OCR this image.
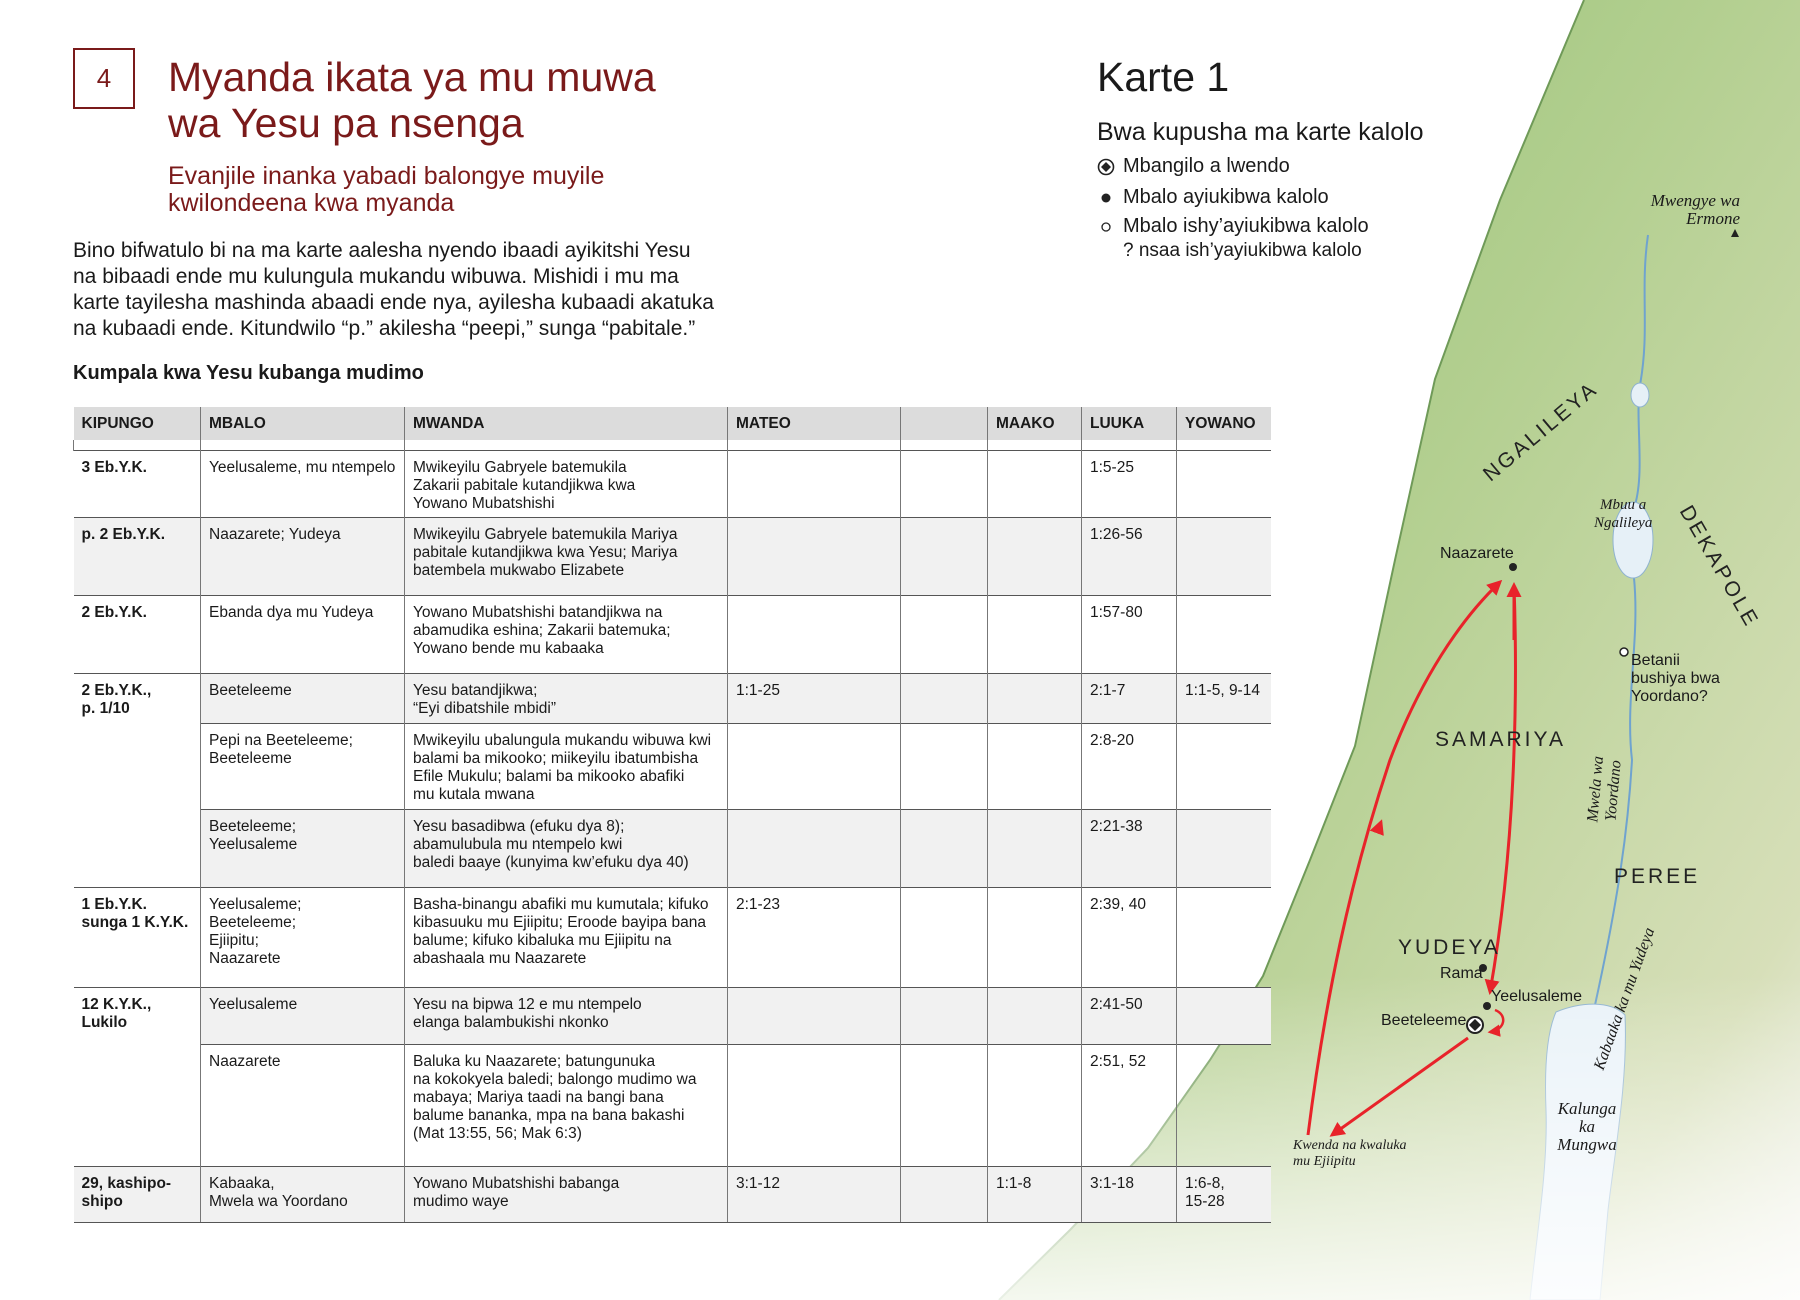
Mwengye wa
Ermone
NGALILEYA
Mbuu a
Ngalileya DEKAPOLE
Naazarete
Betanii
bushiya bwa
Yoordano?
SAMARIYA
Mwela wa
Yoordano
PEREE
YUDEYA
Rama
Yeelusaleme
Beeteleeme	Kabaaka ka mu Yudeya
Kalunga
ka
Mungwa
Kwenda na kwaluka
mu Ejiipitu
4	Myanda ikata ya mu muwa
wa Yesu pa nsenga
Evanjile inanka yabadi balongye muyile
kwilondeena kwa myanda
Bino bifwatulo bi na ma karte aalesha nyendo ibaadi ayikitshi Yesu
na bibaadi ende mu kulungula mukandu wibuwa. Mishidi i mu ma
karte tayilesha mashinda abaadi ende nya, ayilesha kubaadi akatuka
na kubaadi ende. Kitundwilo “p.” akilesha “peepi,” sunga “pabitale.”
Kumpala kwa Yesu kubanga mudimo
Karte 1
Bwa kupusha ma karte kalolo
Mbangilo a lwendo
Mbalo ayiukibwa kalolo
Mbalo ishy’ayiukibwa kalolo
? nsaa ish’yayiukibwa kalolo
KIPUNGO	MBALO	MWANDA	MATEO		MAAKO	LUUKA	YOWANO

3 Eb.Y.K.	Yeelusaleme, mu ntempelo	Mwikeyilu Gabryele batemukila
Zakarii pabitale kutandjikwa kwa
Yowano Mubatshishi				1:5-25	
p. 2 Eb.Y.K.	Naazarete; Yudeya	Mwikeyilu Gabryele batemukila Mariya
pabitale kutandjikwa kwa Yesu; Mariya
batembela mukwabo Elizabete				1:26-56	
2 Eb.Y.K.	Ebanda dya mu Yudeya	Yowano Mubatshishi batandjikwa na
abamudika eshina; Zakarii batemuka;
Yowano bende mu kabaaka				1:57-80	
2 Eb.Y.K.,
p. 1/10	Beeteleeme	Yesu batandjikwa;
“Eyi dibatshile mbidi”	1:1-25			2:1-7	1:1-5, 9-14
	Pepi na Beeteleeme;
Beeteleeme	Mwikeyilu ubalungula mukandu wibuwa kwi
balami ba mikooko; miikeyilu ibatumbisha
Efile Mukulu; balami ba mikooko abafiki
mu kutala mwana				2:8-20	
	Beeteleeme;
Yeelusaleme	Yesu basadibwa (efuku dya 8);
abamulubula mu ntempelo kwi
baledi baaye (kunyima kw’efuku dya 40)				2:21-38	
1 Eb.Y.K.
sunga 1 K.Y.K.	Yeelusaleme;
Beeteleeme;
Ejiipitu;
Naazarete	Basha-binangu abafiki mu kumutala; kifuko
kibasuuku mu Ejiipitu; Eroode bayipa bana
balume; kifuko kibaluka mu Ejiipitu na
abashaala mu Naazarete	2:1-23			2:39, 40	
12 K.Y.K.,
Lukilo	Yeelusaleme	Yesu na bipwa 12 e mu ntempelo
elanga balambukishi nkonko				2:41-50	
	Naazarete	Baluka ku Naazarete; batungunuka
na kokokyela baledi; balongo mudimo wa
mabaya; Mariya taadi na bangi bana
balume bananka, mpa na bana bakashi
(Mat 13:55, 56; Mak 6:3)				2:51, 52	
29, kashipo-
shipo	Kabaaka,
Mwela wa Yoordano	Yowano Mubatshishi babanga
mudimo waye	3:1-12		1:1-8	3:1-18	1:6-8,
15-28
